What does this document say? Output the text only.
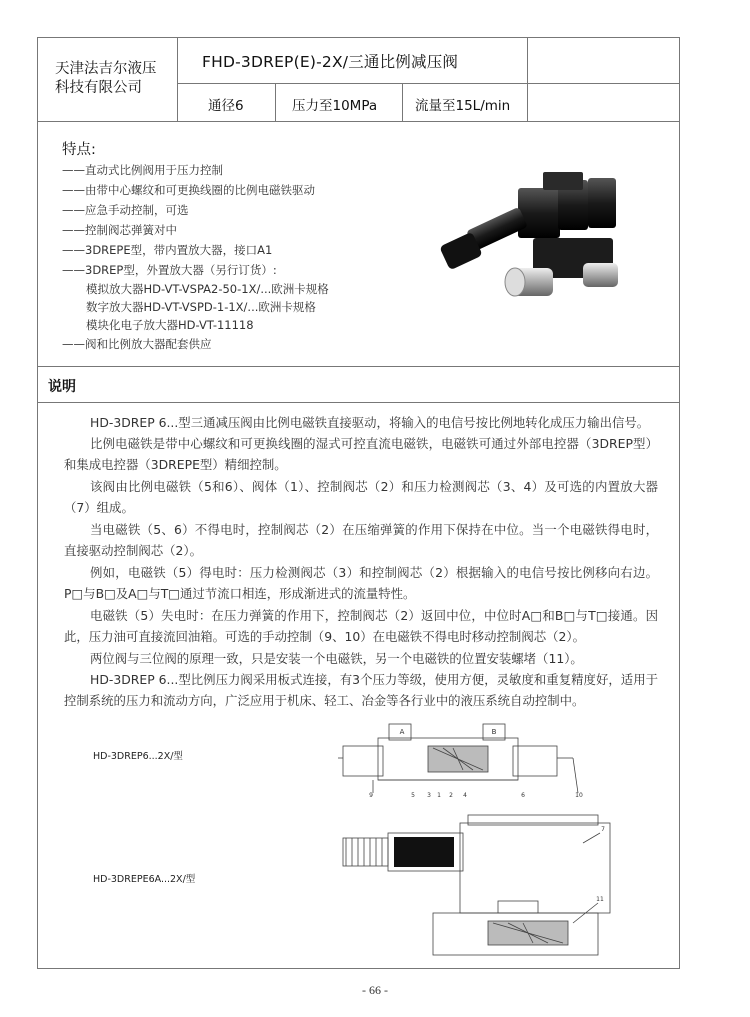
天津法吉尔液压
科技有限公司
FHD-3DREP(E)-2X/三通比例减压阀
通径6	压力至10MPa	流量至15L/min
特点:
——直动式比例阀用于压力控制
——由带中心螺纹和可更换线圈的比例电磁铁驱动
——应急手动控制，可选
——控制阀芯弹簧对中
——3DREPE型，带内置放大器，接口A1
——3DREP型，外置放大器（另行订货）:
模拟放大器HD-VT-VSPA2-50-1X/...欧洲卡规格
数字放大器HD-VT-VSPD-1-1X/...欧洲卡规格
模块化电子放大器HD-VT-11118
——阀和比例放大器配套供应
说明
HD-3DREP 6...型三通减压阀由比例电磁铁直接驱动，将输入的电信号按比例地转化成压力输出信号。
比例电磁铁是带中心螺纹和可更换线圈的湿式可控直流电磁铁，电磁铁可通过外部电控器（3DREP型）和集成电控器（3DREPE型）精细控制。
该阀由比例电磁铁（5和6）、阀体（1）、控制阀芯（2）和压力检测阀芯（3、4）及可选的内置放大器（7）组成。
当电磁铁（5、6）不得电时，控制阀芯（2）在压缩弹簧的作用下保持在中位。当一个电磁铁得电时，直接驱动控制阀芯（2）。
例如，电磁铁（5）得电时：压力检测阀芯（3）和控制阀芯（2）根据输入的电信号按比例移向右边。P□与B□及A□与T□通过节流口相连，形成渐进式的流量特性。
电磁铁（5）失电时：在压力弹簧的作用下，控制阀芯（2）返回中位，中位时A□和B□与T□接通。因此，压力油可直接流回油箱。可选的手动控制（9、10）在电磁铁不得电时移动控制阀芯（2）。
两位阀与三位阀的原理一致，只是安装一个电磁铁，另一个电磁铁的位置安装螺堵（11）。
HD-3DREP 6...型比例压力阀采用板式连接，有3个压力等级，使用方便，灵敏度和重复精度好，适用于控制系统的压力和流动方向，广泛应用于机床、轻工、冶金等各行业中的液压系统自动控制中。
HD-3DREP6...2X/型
HD-3DREPE6A...2X/型
A	B
9	5 3 1 2 4	6	10
7
11
- 66 -
